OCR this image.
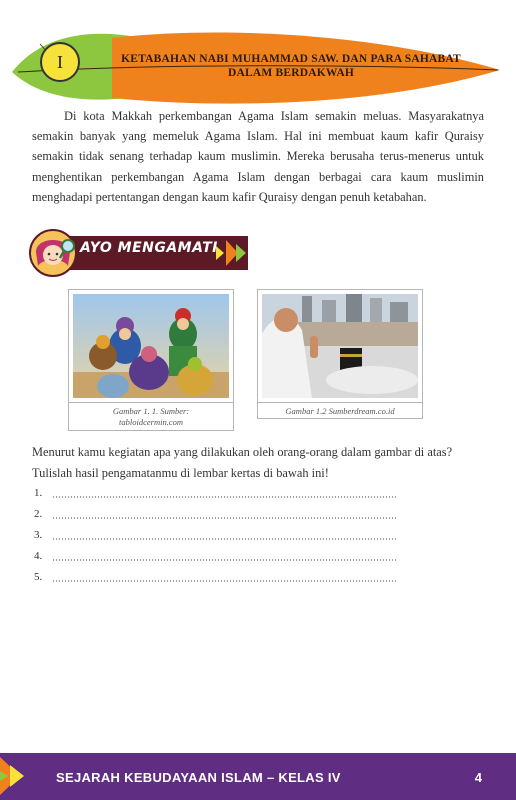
I	KETABAHAN NABI MUHAMMAD SAW. DAN PARA SAHABAT DALAM BERDAKWAH

Di kota Makkah perkembangan Agama Islam semakin meluas. Masyarakatnya semakin banyak yang memeluk Agama Islam. Hal ini membuat kaum kafir Quraisy semakin tidak senang terhadap kaum muslimin. Mereka berusaha terus-menerus untuk menghentikan perkembangan Agama Islam dengan berbagai cara kaum muslimin menghadapi pertentangan dengan kaum kafir Quraisy dengan penuh ketabahan.

AYO MENGAMATI
Gambar 1. 1. Sumber:
tabloidcermin.com
Gambar 1.2 Sumberdream.co.id
Menurut kamu kegiatan apa yang dilakukan oleh orang-orang dalam gambar di atas?
Tulislah hasil pengamatanmu di lembar kertas di bawah ini!
1.
2.
3.
4.
5.
SEJARAH KEBUDAYAAN ISLAM – KELAS IV	4
